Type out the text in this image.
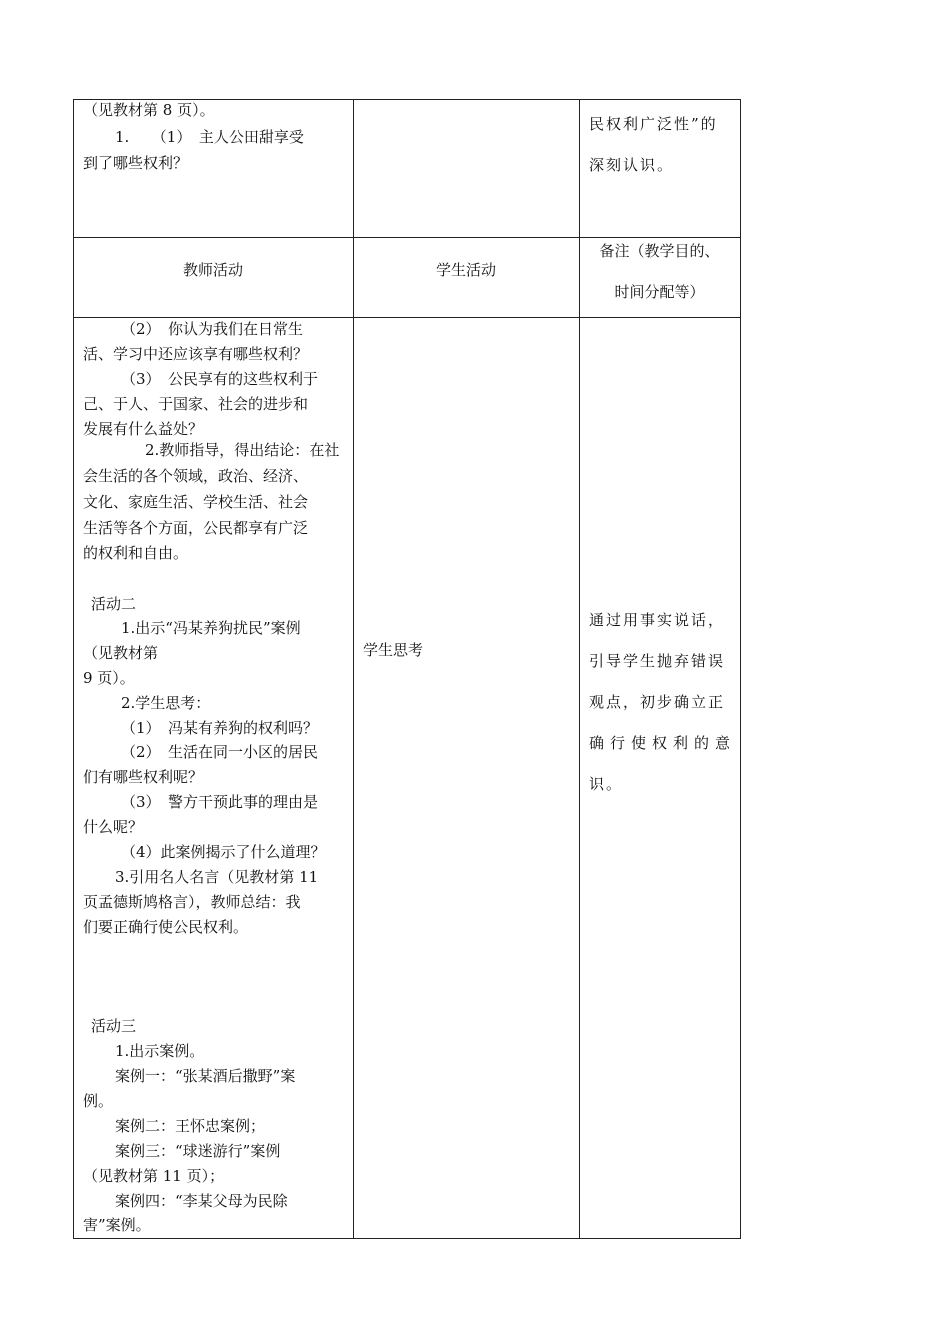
（见教材第 8 页）。
1.　　（1）　主人公田甜享受
到了哪些权利？
民权利广泛性”的
深刻认识。
教师活动	学生活动
备注（教学目的、
时间分配等）
（2）　你认为我们在日常生
活、学习中还应该享有哪些权利？
（3）　公民享有的这些权利于
己、于人、于国家、社会的进步和
发展有什么益处？
2.教师指导，得出结论：在社
会生活的各个领域，政治、经济、
文化、家庭生活、学校生活、社会
生活等各个方面，公民都享有广泛
的权利和自由。
活动二
1.出示“冯某养狗扰民”案例
（见教材第
9 页）。
2.学生思考：
（1）　冯某有养狗的权利吗？
（2）　生活在同一小区的居民
们有哪些权利呢？
（3）　警方干预此事的理由是
什么呢？
（4）此案例揭示了什么道理？
3.引用名人名言（见教材第 11
页孟德斯鸠格言），教师总结：我
们要正确行使公民权利。
活动三
1.出示案例。
案例一：“张某酒后撒野”案
例。
案例二：王怀忠案例；
案例三：“球迷游行”案例
（见教材第 11 页）；
案例四：“李某父母为民除
害”案例。
学生思考
通过用事实说话，
引导学生抛弃错误
观点，初步确立正
确行使权利的意
识。
